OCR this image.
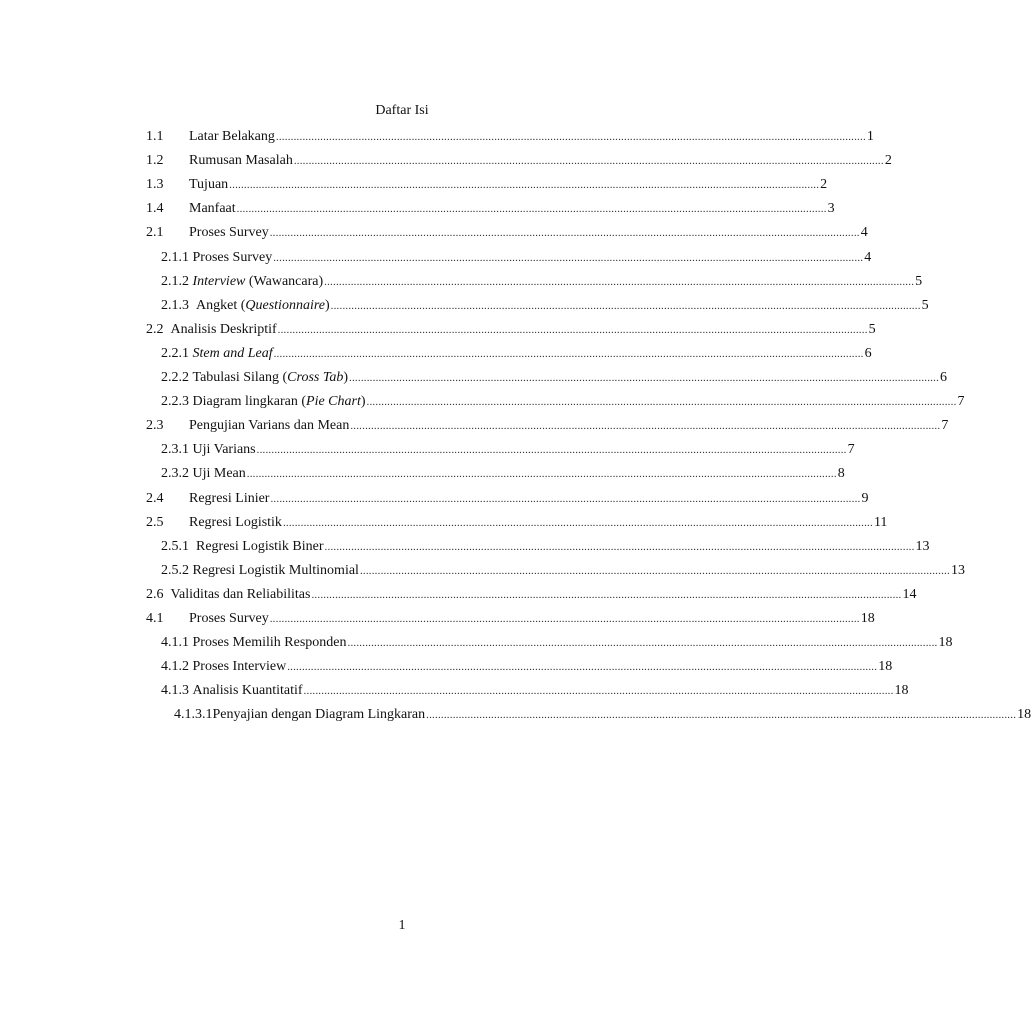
Daftar Isi
1.1	Latar Belakang ........................................................................................................................................................................................................ 1
1.2	Rumusan Masalah ........................................................................................................................................................................................................ 2
1.3	Tujuan ........................................................................................................................................................................................................ 2
1.4	Manfaat ........................................................................................................................................................................................................ 3
2.1	Proses Survey ........................................................................................................................................................................................................ 4
2.1.1 Proses Survey ........................................................................................................................................................................................................ 4
2.1.2 Interview (Wawancara) ........................................................................................................................................................................................................ 5
2.1.3 Angket (Questionnaire) ........................................................................................................................................................................................................ 5
2.2 Analisis Deskriptif ........................................................................................................................................................................................................ 5
2.2.1 Stem and Leaf ........................................................................................................................................................................................................ 6
2.2.2 Tabulasi Silang (Cross Tab) ........................................................................................................................................................................................................ 6
2.2.3 Diagram lingkaran (Pie Chart) ........................................................................................................................................................................................................ 7
2.3	Pengujian Varians dan Mean ........................................................................................................................................................................................................ 7
2.3.1 Uji Varians ........................................................................................................................................................................................................ 7
2.3.2 Uji Mean ........................................................................................................................................................................................................ 8
2.4	Regresi Linier ........................................................................................................................................................................................................ 9
2.5	Regresi Logistik ........................................................................................................................................................................................................ 11
2.5.1 Regresi Logistik Biner ........................................................................................................................................................................................................ 13
2.5.2 Regresi Logistik Multinomial ........................................................................................................................................................................................................ 13
2.6 Validitas dan Reliabilitas ........................................................................................................................................................................................................ 14
4.1	Proses Survey ........................................................................................................................................................................................................ 18
4.1.1 Proses Memilih Responden ........................................................................................................................................................................................................ 18
4.1.2 Proses Interview ........................................................................................................................................................................................................ 18
4.1.3 Analisis Kuantitatif ........................................................................................................................................................................................................ 18
4.1.3.1 Penyajian dengan Diagram Lingkaran ........................................................................................................................................................................................................ 18
1
